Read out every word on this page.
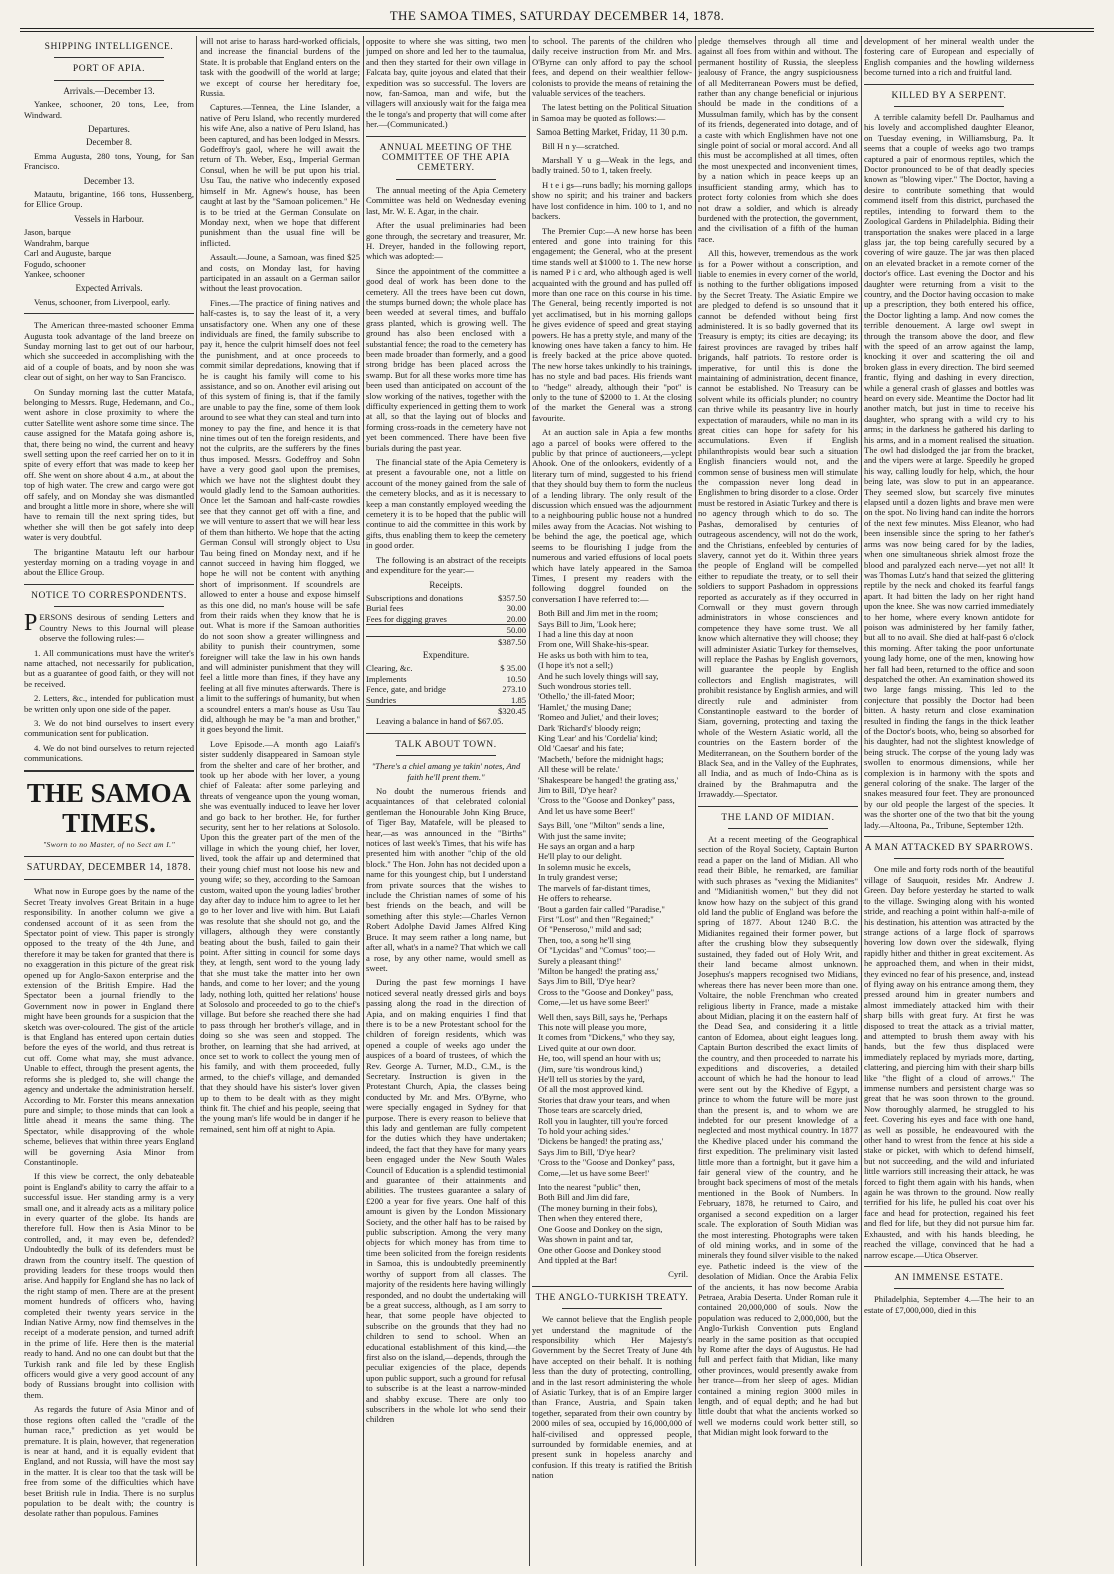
THE SAMOA TIMES, SATURDAY DECEMBER 14, 1878.
SHIPPING INTELLIGENCE.
PORT OF APIA.
Arrivals.—December 13.

Yankee, schooner, 20 tons, Lee, from Windward.

Departures.
December 8.

Emma Augusta, 280 tons, Young, for San Francisco.

December 13.

Matautu, brigantine, 166 tons, Hussenberg, for Ellice Group.

Vessels in Harbour.
Jason, barque
Wandrahm, barque
Carl and Auguste, barque
Fogudo, schooner
Yankee, schooner
Expected Arrivals.

Venus, schooner, from Liverpool, early.

The American three-masted schooner Emma Augusta took advantage of the land breeze on Sunday morning last to get out of our harbour, which she succeeded in accomplishing with the aid of a couple of boats, and by noon she was clear out of sight, on her way to San Francisco.

On Sunday morning last the cutter Matafa, belonging to Messrs. Ruge, Hedemann, and Co., went ashore in close proximity to where the cutter Satellite went ashore some time since. The cause assigned for the Matafa going ashore is, that, there being no wind, the current and heavy swell setting upon the reef carried her on to it in spite of every effort that was made to keep her off. She went on shore about 4 a.m., at about the top of high water. The crew and cargo were got off safely, and on Monday she was dismantled and brought a little more in shore, where she will have to remain till the next spring tides, but whether she will then be got safely into deep water is very doubtful.

The brigantine Matautu left our harbour yesterday morning on a trading voyage in and about the Ellice Group.

NOTICE TO CORRESPONDENTS.

PERSONS desirous of sending Letters and Country News to this Journal will please observe the following rules:—

1. All communications must have the writer's name attached, not necessarily for publication, but as a guarantee of good faith, or they will not be received.

2. Letters, &c., intended for publication must be written only upon one side of the paper.

3. We do not bind ourselves to insert every communication sent for publication.

4. We do not bind ourselves to return rejected communications.

THE SAMOA TIMES.
"Sworn to no Master, of no Sect am I."
SATURDAY, DECEMBER 14, 1878.

What now in Europe goes by the name of the Secret Treaty involves Great Britain in a huge responsibility. In another column we give a condensed account of it as seen from the Spectator point of view. This paper is strongly opposed to the treaty of the 4th June, and therefore it may be taken for granted that there is no exaggeration in this picture of the great risk opened up for Anglo-Saxon enterprise and the extension of the British Empire. Had the Spectator been a journal friendly to the Government now in power in England there might have been grounds for a suspicion that the sketch was over-coloured. The gist of the article is that England has entered upon certain duties before the eyes of the world, and thus retreat is cut off. Come what may, she must advance. Unable to effect, through the present agents, the reforms she is pledged to, she will change the agency and undertake the administration herself. According to Mr. Forster this means annexation pure and simple; to those minds that can look a little ahead it means the same thing. The Spectator, while disapproving of the whole scheme, believes that within three years England will be governing Asia Minor from Constantinople.

If this view be correct, the only debateable point is England's ability to carry the affair to a successful issue. Her standing army is a very small one, and it already acts as a military police in every quarter of the globe. Its hands are therefore full. How then is Asia Minor to be controlled, and, it may even be, defended? Undoubtedly the bulk of its defenders must be drawn from the country itself. The question of providing leaders for these troops would then arise. And happily for England she has no lack of the right stamp of men. There are at the present moment hundreds of officers who, having completed their twenty years service in the Indian Native Army, now find themselves in the receipt of a moderate pension, and turned adrift in the prime of life. Here then is the material ready to hand. And no one can doubt but that the Turkish rank and file led by these English officers would give a very good account of any body of Russians brought into collision with them.

As regards the future of Asia Minor and of those regions often called the "cradle of the human race," prediction as yet would be premature. It is plain, however, that regeneration is near at hand, and it is equally evident that England, and not Russia, will have the most say in the matter. It is clear too that the task will be free from some of the difficulties which have beset British rule in India. There is no surplus population to be dealt with; the country is desolate rather than populous. Famines

will not arise to harass hard-worked officials, and increase the financial burdens of the State. It is probable that England enters on the task with the goodwill of the world at large; we except of course her hereditary foe, Russia.

Captures.—Tennea, the Line Islander, a native of Peru Island, who recently murdered his wife Ane, also a native of Peru Island, has been captured, and has been lodged in Messrs. Godeffroy's gaol, where he will await the return of Th. Weber, Esq., Imperial German Consul, when he will be put upon his trial. Usu Tau, the native who indecently exposed himself in Mr. Agnew's house, has been caught at last by the "Samoan policemen." He is to be tried at the German Consulate on Monday next, when we hope that different punishment than the usual fine will be inflicted.

Assault.—Joune, a Samoan, was fined $25 and costs, on Monday last, for having participated in an assault on a German sailor without the least provocation.

Fines.—The practice of fining natives and half-castes is, to say the least of it, a very unsatisfactory one. When any one of these individuals are fined, the family subscribe to pay it, hence the culprit himself does not feel the punishment, and at once proceeds to commit similar depredations, knowing that if he is caught his family will come to his assistance, and so on. Another evil arising out of this system of fining is, that if the family are unable to pay the fine, some of them look around to see what they can steal and turn into money to pay the fine, and hence it is that nine times out of ten the foreign residents, and not the culprits, are the sufferers by the fines thus imposed. Messrs. Godeffroy and Sohn have a very good gaol upon the premises, which we have not the slightest doubt they would gladly lend to the Samoan authorities. Once let the Samoan and half-caste rowdies see that they cannot get off with a fine, and we will venture to assert that we will hear less of them than hitherto. We hope that the acting German Consul will strongly object to Usu Tau being fined on Monday next, and if he cannot succeed in having him flogged, we hope he will not be content with anything short of imprisonment. If scoundrels are allowed to enter a house and expose himself as this one did, no man's house will be safe from their raids when they know that he is out. What is more if the Samoan authorities do not soon show a greater willingness and ability to punish their countrymen, some foreigner will take the law in his own hands and will administer punishment that they will feel a little more than fines, if they have any feeling at all five minutes afterwards. There is a limit to the sufferings of humanity, but when a scoundrel enters a man's house as Usu Tau did, although he may be "a man and brother," it goes beyond the limit.

Love Episode.—A month ago Laiafi's sister suddenly disappeared in Samoan style from the shelter and care of her brother, and took up her abode with her lover, a young chief of Faleata: after some parleying and threats of vengeance upon the young woman, she was eventually induced to leave her lover and go back to her brother. He, for further security, sent her to her relations at Solosolo. Upon this the greater part of the men of the village in which the young chief, her lover, lived, took the affair up and determined that their young chief must not loose his new and young wife; so they, according to the Samoan custom, waited upon the young ladies' brother day after day to induce him to agree to let her go to her lover and live with him. But Laiafi was resolute that she should not go, and the villagers, although they were constantly beating about the bush, failed to gain their point. After sitting in council for some days they, at length, sent word to the young lady that she must take the matter into her own hands, and come to her lover; and the young lady, nothing loth, quitted her relations' house at Solosolo and proceeded to go to the chief's village. But before she reached there she had to pass through her brother's village, and in doing so she was seen and stopped. The brother, on learning that she had arrived, at once set to work to collect the young men of his family, and with them proceeded, fully armed, to the chief's village, and demanded that they should have his sister's lover given up to them to be dealt with as they might think fit. The chief and his people, seeing that the young man's life would be in danger if he remained, sent him off at night to Apia.

opposite to where she was sitting, two men jumped on shore and led her to the taumalua, and then they started for their own village in Falcata bay, quite joyous and elated that their expedition was so successful. The lovers are now, fan-Samoa, man and wife, but the villagers will anxiously wait for the faiga mea the le tonga's and property that will come after her.—(Communicated.)

ANNUAL MEETING OF THE COMMITTEE OF THE APIA CEMETERY.

The annual meeting of the Apia Cemetery Committee was held on Wednesday evening last, Mr. W. E. Agar, in the chair.

After the usual preliminaries had been gone through, the secretary and treasurer, Mr. H. Dreyer, handed in the following report, which was adopted:—

Since the appointment of the committee a good deal of work has been done to the cemetery. All the trees have been cut down, the stumps burned down; the whole place has been weeded at several times, and buffalo grass planted, which is growing well. The ground has also been enclosed with a substantial fence; the road to the cemetery has been made broader than formerly, and a good strong bridge has been placed across the swamp. But for all these works more time has been used than anticipated on account of the slow working of the natives, together with the difficulty experienced in getting them to work at all, so that the laying out of blocks and forming cross-roads in the cemetery have not yet been commenced. There have been five burials during the past year.

The financial state of the Apia Cemetery is at present a favourable one, not a little on account of the money gained from the sale of the cemetery blocks, and as it is necessary to keep a man constantly employed weeding the cemetery it is to be hoped that the public will continue to aid the committee in this work by gifts, thus enabling them to keep the cemetery in good order.

The following is an abstract of the receipts and expenditure for the year:—

Receipts.
Subscriptions and donations	$357.50
Burial fees	30.00
Fees for digging graves	20.00
	50.00
	$387.50
Expenditure.
Clearing, &c.	$ 35.00
Implements	10.50
Fence, gate, and bridge	273.10
Sundries	1.85
	$320.45

Leaving a balance in hand of $67.05.

TALK ABOUT TOWN.

"There's a chiel amang ye takin' notes, And faith he'll prent them."

No doubt the numerous friends and acquaintances of that celebrated colonial gentleman the Honourable John King Bruce, of Tiger Bay, Matafele, will be pleased to hear,—as was announced in the "Births" notices of last week's Times, that his wife has presented him with another "chip of the old block." The Hon. John has not decided upon a name for this youngest chip, but I understand from private sources that the wishes to include the Christian names of some of his best friends on the beach, and will be something after this style:—Charles Vernon Robert Adolphe David James Alfred King Bruce. It may seem rather a long name, but after all, what's in a name? That which we call a rose, by any other name, would smell as sweet.

During the past few mornings I have noticed several neatly dressed girls and boys passing along the road in the direction of Apia, and on making enquiries I find that there is to be a new Protestant school for the children of foreign residents, which was opened a couple of weeks ago under the auspices of a board of trustees, of which the Rev. George A. Turner, M.D., C.M., is the Secretary. Instruction is given in the Protestant Church, Apia, the classes being conducted by Mr. and Mrs. O'Byrne, who were specially engaged in Sydney for that purpose. There is every reason to believe that this lady and gentleman are fully competent for the duties which they have undertaken; indeed, the fact that they have for many years been engaged under the New South Wales Council of Education is a splendid testimonial and guarantee of their attainments and abilities. The trustees guarantee a salary of £200 a year for five years. One half of this amount is given by the London Missionary Society, and the other half has to be raised by public subscription. Among the very many objects for which money has from time to time been solicited from the foreign residents in Samoa, this is undoubtedly preeminently worthy of support from all classes. The majority of the residents here having willingly responded, and no doubt the undertaking will be a great success, although, as I am sorry to hear, that some people have objected to subscribe on the grounds that they had no children to send to school. When an educational establishment of this kind,—the first also on the island,—depends, through the peculiar exigencies of the place, depends upon public support, such a ground for refusal to subscribe is at the least a narrow-minded and shabby excuse. There are only too subscribers in the whole lot who send their children

to school. The parents of the children who daily receive instruction from Mr. and Mrs. O'Byrne can only afford to pay the school fees, and depend on their wealthier fellow-colonists to provide the means of retaining the valuable services of the teachers.

The latest betting on the Political Situation in Samoa may be quoted as follows:—

Samoa Betting Market, Friday, 11 30 p.m.

Bill H n y—scratched.

Marshall Y u g—Weak in the legs, and badly trained. 50 to 1, taken freely.

H t e i gs—runs badly; his morning gallops show no spirit; and his trainer and backers have lost confidence in him. 100 to 1, and no backers.

The Premier Cup:—A new horse has been entered and gone into training for this engagement; the General, who at the present time stands well at $1000 to 1. The new horse is named P i c ard, who although aged is well acquainted with the ground and has pulled off more than one race on this course in his time. The General, being recently imported is not yet acclimatised, but in his morning gallops he gives evidence of speed and great staying powers. He has a pretty style, and many of the knowing ones have taken a fancy to him. He is freely backed at the price above quoted. The new horse takes unkindly to his trainings, has no style and bad paces. His friends want to "hedge" already, although their "pot" is only to the tune of $2000 to 1. At the closing of the market the General was a strong favourite.

At an auction sale in Apia a few months ago a parcel of books were offered to the public by that prince of auctioneers,—yclept Ahook. One of the onlookers, evidently of a literary turn of mind, suggested to his friend that they should buy them to form the nucleus of a lending library. The only result of the discussion which ensued was the adjournment to a neighbouring public house not a hundred miles away from the Acacias. Not wishing to be behind the age, the poetical age, which seems to be flourishing I judge from the numerous and varied effusions of local poets which have lately appeared in the Samoa Times, I present my readers with the following doggrel founded on the conversation I have referred to:—

Both Bill and Jim met in the room;
Says Bill to Jim, 'Look here;
I had a line this day at noon
From one, Will Shake-his-spear.
He asks us both with him to tea,
(I hope it's not a sell;)
And he such lovely things will say,
Such wondrous stories tell.
'Othello,' the ill-fated Moor;
'Hamlet,' the musing Dane;
'Romeo and Juliet,' and their loves;
Dark 'Richard's' bloody reign;
King 'Lear' and his 'Cordelia' kind;
Old 'Caesar' and his fate;
'Macbeth,' before the midnight hags;
All these will be relate.'
'Shakespeare be hanged! the grating ass,'
Jim to Bill, 'D'ye hear?
'Cross to the "Goose and Donkey" pass,
And let us have some Beer!'
Says Bill, 'one "Milton" sends a line,
With just the same invite;
He says an organ and a harp
He'll play to our delight.
In solemn music he excels,
In truly grandest verse;
The marvels of far-distant times,
He offers to rehearse.
'Bout a garden fair called "Paradise,"
First "Lost" and then "Regained;"
Of "Penseroso," mild and sad;
Then, too, a song he'll sing
Of "Lycidas" and "Comus" too;—
Surely a pleasant thing!'
'Milton be hanged! the prating ass,'
Says Jim to Bill, 'D'ye hear?
Cross to the "Goose and Donkey" pass,
Come,—let us have some Beer!'
Well then, says Bill, says he, 'Perhaps
This note will please you more,
It comes from "Dickens," who they say,
Lived quite at our own door.
He, too, will spend an hour with us;
(Jim, sure 'tis wondrous kind,)
He'll tell us stories by the yard,
Of all the most approved kind.
Stories that draw your tears, and when
Those tears are scarcely dried,
Roll you in laughter, till you're forced
To hold your aching sides.'
'Dickens be hanged! the prating ass,'
Says Jim to Bill, 'D'ye hear?
'Cross to the "Goose and Donkey" pass,
Come,—let us have some Beer!'
Into the nearest "public" then,
Both Bill and Jim did fare,
(The money burning in their fobs),
Then when they entered there,
One Goose and Donkey on the sign,
Was shown in paint and tar,
One other Goose and Donkey stood
And tippled at the Bar!
Cyril.
THE ANGLO-TURKISH TREATY.

We cannot believe that the English people yet understand the magnitude of the responsibility which Her Majesty's Government by the Secret Treaty of June 4th have accepted on their behalf. It is nothing less than the duty of protecting, controlling, and in the last resort administering the whole of Asiatic Turkey, that is of an Empire larger than France, Austria, and Spain taken together, separated from their own country by 2000 miles of sea, occupied by 16,000,000 of half-civilised and oppressed people, surrounded by formidable enemies, and at present sunk in hopeless anarchy and confusion. If this treaty is ratified the British nation

pledge themselves through all time and against all foes from within and without. The permanent hostility of Russia, the sleepless jealousy of France, the angry suspiciousness of all Mediterranean Powers must be defied, rather than any change beneficial or injurious should be made in the conditions of a Mussulman family, which has by the consent of its friends, degenerated into dotage, and of a caste with which Englishmen have not one single point of social or moral accord. And all this must be accomplished at all times, often the most unexpected and inconvenient times, by a nation which in peace keeps up an insufficient standing army, which has to protect forty colonies from which she does not draw a soldier, and which is already burdened with the protection, the government, and the civilisation of a fifth of the human race.

All this, however, tremendous as the work is for a Power without a conscription, and liable to enemies in every corner of the world, is nothing to the further obligations imposed by the Secret Treaty. The Asiatic Empire we are pledged to defend is so unsound that it cannot be defended without being first administered. It is so badly governed that its Treasury is empty; its cities are decaying; its fairest provinces are ravaged by tribes half brigands, half patriots. To restore order is imperative, for until this is done the maintaining of administration, decent finance, cannot be established. No Treasury can be solvent while its officials plunder; no country can thrive while its peasantry live in hourly expectation of marauders, while no man in its great cities can hope for safety for his accumulations. Even if English philanthropists would bear such a situation English financiers would not, and the common sense of business men will stimulate the compassion never long dead in Englishmen to bring disorder to a close. Order must be restored in Asiatic Turkey and there is no agency through which to do so. The Pashas, demoralised by centuries of outrageous ascendency, will not do the work, and the Christians, enfeebled by centuries of slavery, cannot yet do it. Within three years the people of England will be compelled either to repudiate the treaty, or to sell their soldiers to support Pashadom in oppressions reported as accurately as if they occurred in Cornwall or they must govern through administrators in whose consciences and competence they have some trust. We all know which alternative they will choose; they will administer Asiatic Turkey for themselves, will replace the Pashas by English governors, will guarantee the people by English collectors and English magistrates, will prohibit resistance by English armies, and will directly rule and administer from Constantinople eastward to the border of Siam, governing, protecting and taxing the whole of the Western Asiatic world, all the countries on the Eastern border of the Mediterranean, on the Southern border of the Black Sea, and in the Valley of the Euphrates, all India, and as much of Indo-China as is drained by the Brahmaputra and the Irrawaddy.—Spectator.

THE LAND OF MIDIAN.

At a recent meeting of the Geographical section of the Royal Society, Captain Burton read a paper on the land of Midian. All who read their Bible, he remarked, are familiar with such phrases as "vexing the Midianites" and "Midianitish women," but they did not know how hazy on the subject of this grand old land the public of England was before the spring of 1877. About 1240 B.C. the Midianites regained their former power, but after the crushing blow they subsequently sustained, they faded out of Holy Writ, and their land became almost unknown. Josephus's mappers recognised two Midians, whereas there has never been more than one. Voltaire, the noble Frenchman who created religious liberty in France, made a mistake about Midian, placing it on the eastern half of the Dead Sea, and considering it a little canton of Edomea, about eight leagues long. Captain Burton described the exact limits of the country, and then proceeded to narrate his expeditions and discoveries, a detailed account of which he had the honour to lead were sent out by the Khedive of Egypt, a prince to whom the future will be more just than the present is, and to whom we are indebted for our present knowledge of a neglected and most mythical country. In 1877 the Khedive placed under his command the first expedition. The preliminary visit lasted little more than a fortnight, but it gave him a fair general view of the country, and he brought back specimens of most of the metals mentioned in the Book of Numbers. In February, 1878, he returned to Cairo, and organised a second expedition on a larger scale. The exploration of South Midian was the most interesting. Photographs were taken of old mining works, and in some of the minerals they found silver visible to the naked eye. Pathetic indeed is the view of the desolation of Midian. Once the Arabia Felix of the ancients, it has now become Arabia Petraea, Arabia Deserta. Under Roman rule it contained 20,000,000 of souls. Now the population was reduced to 2,000,000, but the Anglo-Turkish Convention puts England nearly in the same position as that occupied by Rome after the days of Augustus. He had full and perfect faith that Midian, like many other provinces, would presently awake from her trance—from her sleep of ages. Midian contained a mining region 3000 miles in length, and of equal depth; and he had but little doubt that what the ancients worked so well we moderns could work better still, so that Midian might look forward to the

development of her mineral wealth under the fostering care of European and especially of English companies and the howling wilderness become turned into a rich and fruitful land.

KILLED BY A SERPENT.

A terrible calamity befell Dr. Paulhamus and his lovely and accomplished daughter Eleanor, on Tuesday evening, in Williamsburg, Pa. It seems that a couple of weeks ago two tramps captured a pair of enormous reptiles, which the Doctor pronounced to be of that deadly species known as "blowing viper." The Doctor, having a desire to contribute something that would commend itself from this district, purchased the reptiles, intending to forward them to the Zoological Gardens in Philadelphia. Biding their transportation the snakes were placed in a large glass jar, the top being carefully secured by a covering of wire gauze. The jar was then placed on an elevated bracket in a remote corner of the doctor's office. Last evening the Doctor and his daughter were returning from a visit to the country, and the Doctor having occasion to make up a prescription, they both entered his office, the Doctor lighting a lamp. And now comes the terrible denouement. A large owl swept in through the transom above the door, and flew with the speed of an arrow against the lamp, knocking it over and scattering the oil and broken glass in every direction. The bird seemed frantic, flying and dashing in every direction, while a general crash of glasses and bottles was heard on every side. Meantime the Doctor had lit another match, but just in time to receive his daughter, who sprang with a wild cry to his arms; in the darkness he gathered his darling to his arms, and in a moment realised the situation. The owl had dislodged the jar from the bracket, and the vipers were at large. Speedily he groped his way, calling loudly for help, which, the hour being late, was slow to put in an appearance. They seemed slow, but scarcely five minutes elapsed until a dozen lights and brave men were on the spot. No living hand can indite the horrors of the next few minutes. Miss Eleanor, who had been insensible since the spring to her father's arms was now being cared for by the ladies, when one simultaneous shriek almost froze the blood and paralyzed each nerve—yet not all! It was Thomas Lutz's hand that seized the glittering reptile by the neck and choked its fearful fangs apart. It had bitten the lady on her right hand upon the knee. She was now carried immediately to her home, where every known antidote for poison was administered by her family father, but all to no avail. She died at half-past 6 o'clock this morning. After taking the poor unfortunate young lady home, one of the men, knowing how her fall had been, returned to the office and soon despatched the other. An examination showed its two large fangs missing. This led to the conjecture that possibly the Doctor had been bitten. A hasty return and close examination resulted in finding the fangs in the thick leather of the Doctor's boots, who, being so absorbed for his daughter, had not the slightest knowledge of being struck. The corpse of the young lady was swollen to enormous dimensions, while her complexion is in harmony with the spots and general coloring of the snake. The larger of the snakes measured four feet. They are pronounced by our old people the largest of the species. It was the shorter one of the two that bit the young lady.—Altoona, Pa., Tribune, September 12th.

A MAN ATTACKED BY SPARROWS.

One mile and forty rods north of the beautiful village of Sauquoit, resides Mr. Andrew J. Green. Day before yesterday he started to walk to the village. Swinging along with his wonted stride, and reaching a point within half-a-mile of his destination, his attention was attracted by the strange actions of a large flock of sparrows hovering low down over the sidewalk, flying rapidly hither and thither in great excitement. As he approached them, and when in their midst, they evinced no fear of his presence, and, instead of flying away on his entrance among them, they pressed around him in greater numbers and almost immediately attacked him with their sharp bills with great fury. At first he was disposed to treat the attack as a trivial matter, and attempted to brush them away with his hands, but the few thus displaced were immediately replaced by myriads more, darting, clattering, and piercing him with their sharp bills like "the flight of a cloud of arrows." The immense numbers and persistent charge was so great that he was soon thrown to the ground. Now thoroughly alarmed, he struggled to his feet. Covering his eyes and face with one hand, as well as possible, he endeavoured with the other hand to wrest from the fence at his side a stake or picket, with which to defend himself, but not succeeding, and the wild and infuriated little warriors still increasing their attack, he was forced to fight them again with his hands, when again he was thrown to the ground. Now really terrified for his life, he pulled his coat over his face and head for protection, regained his feet and fled for life, but they did not pursue him far. Exhausted, and with his hands bleeding, he reached the village, convinced that he had a narrow escape.—Utica Observer.

AN IMMENSE ESTATE.

Philadelphia, September 4.—The heir to an estate of £7,000,000, died in this
